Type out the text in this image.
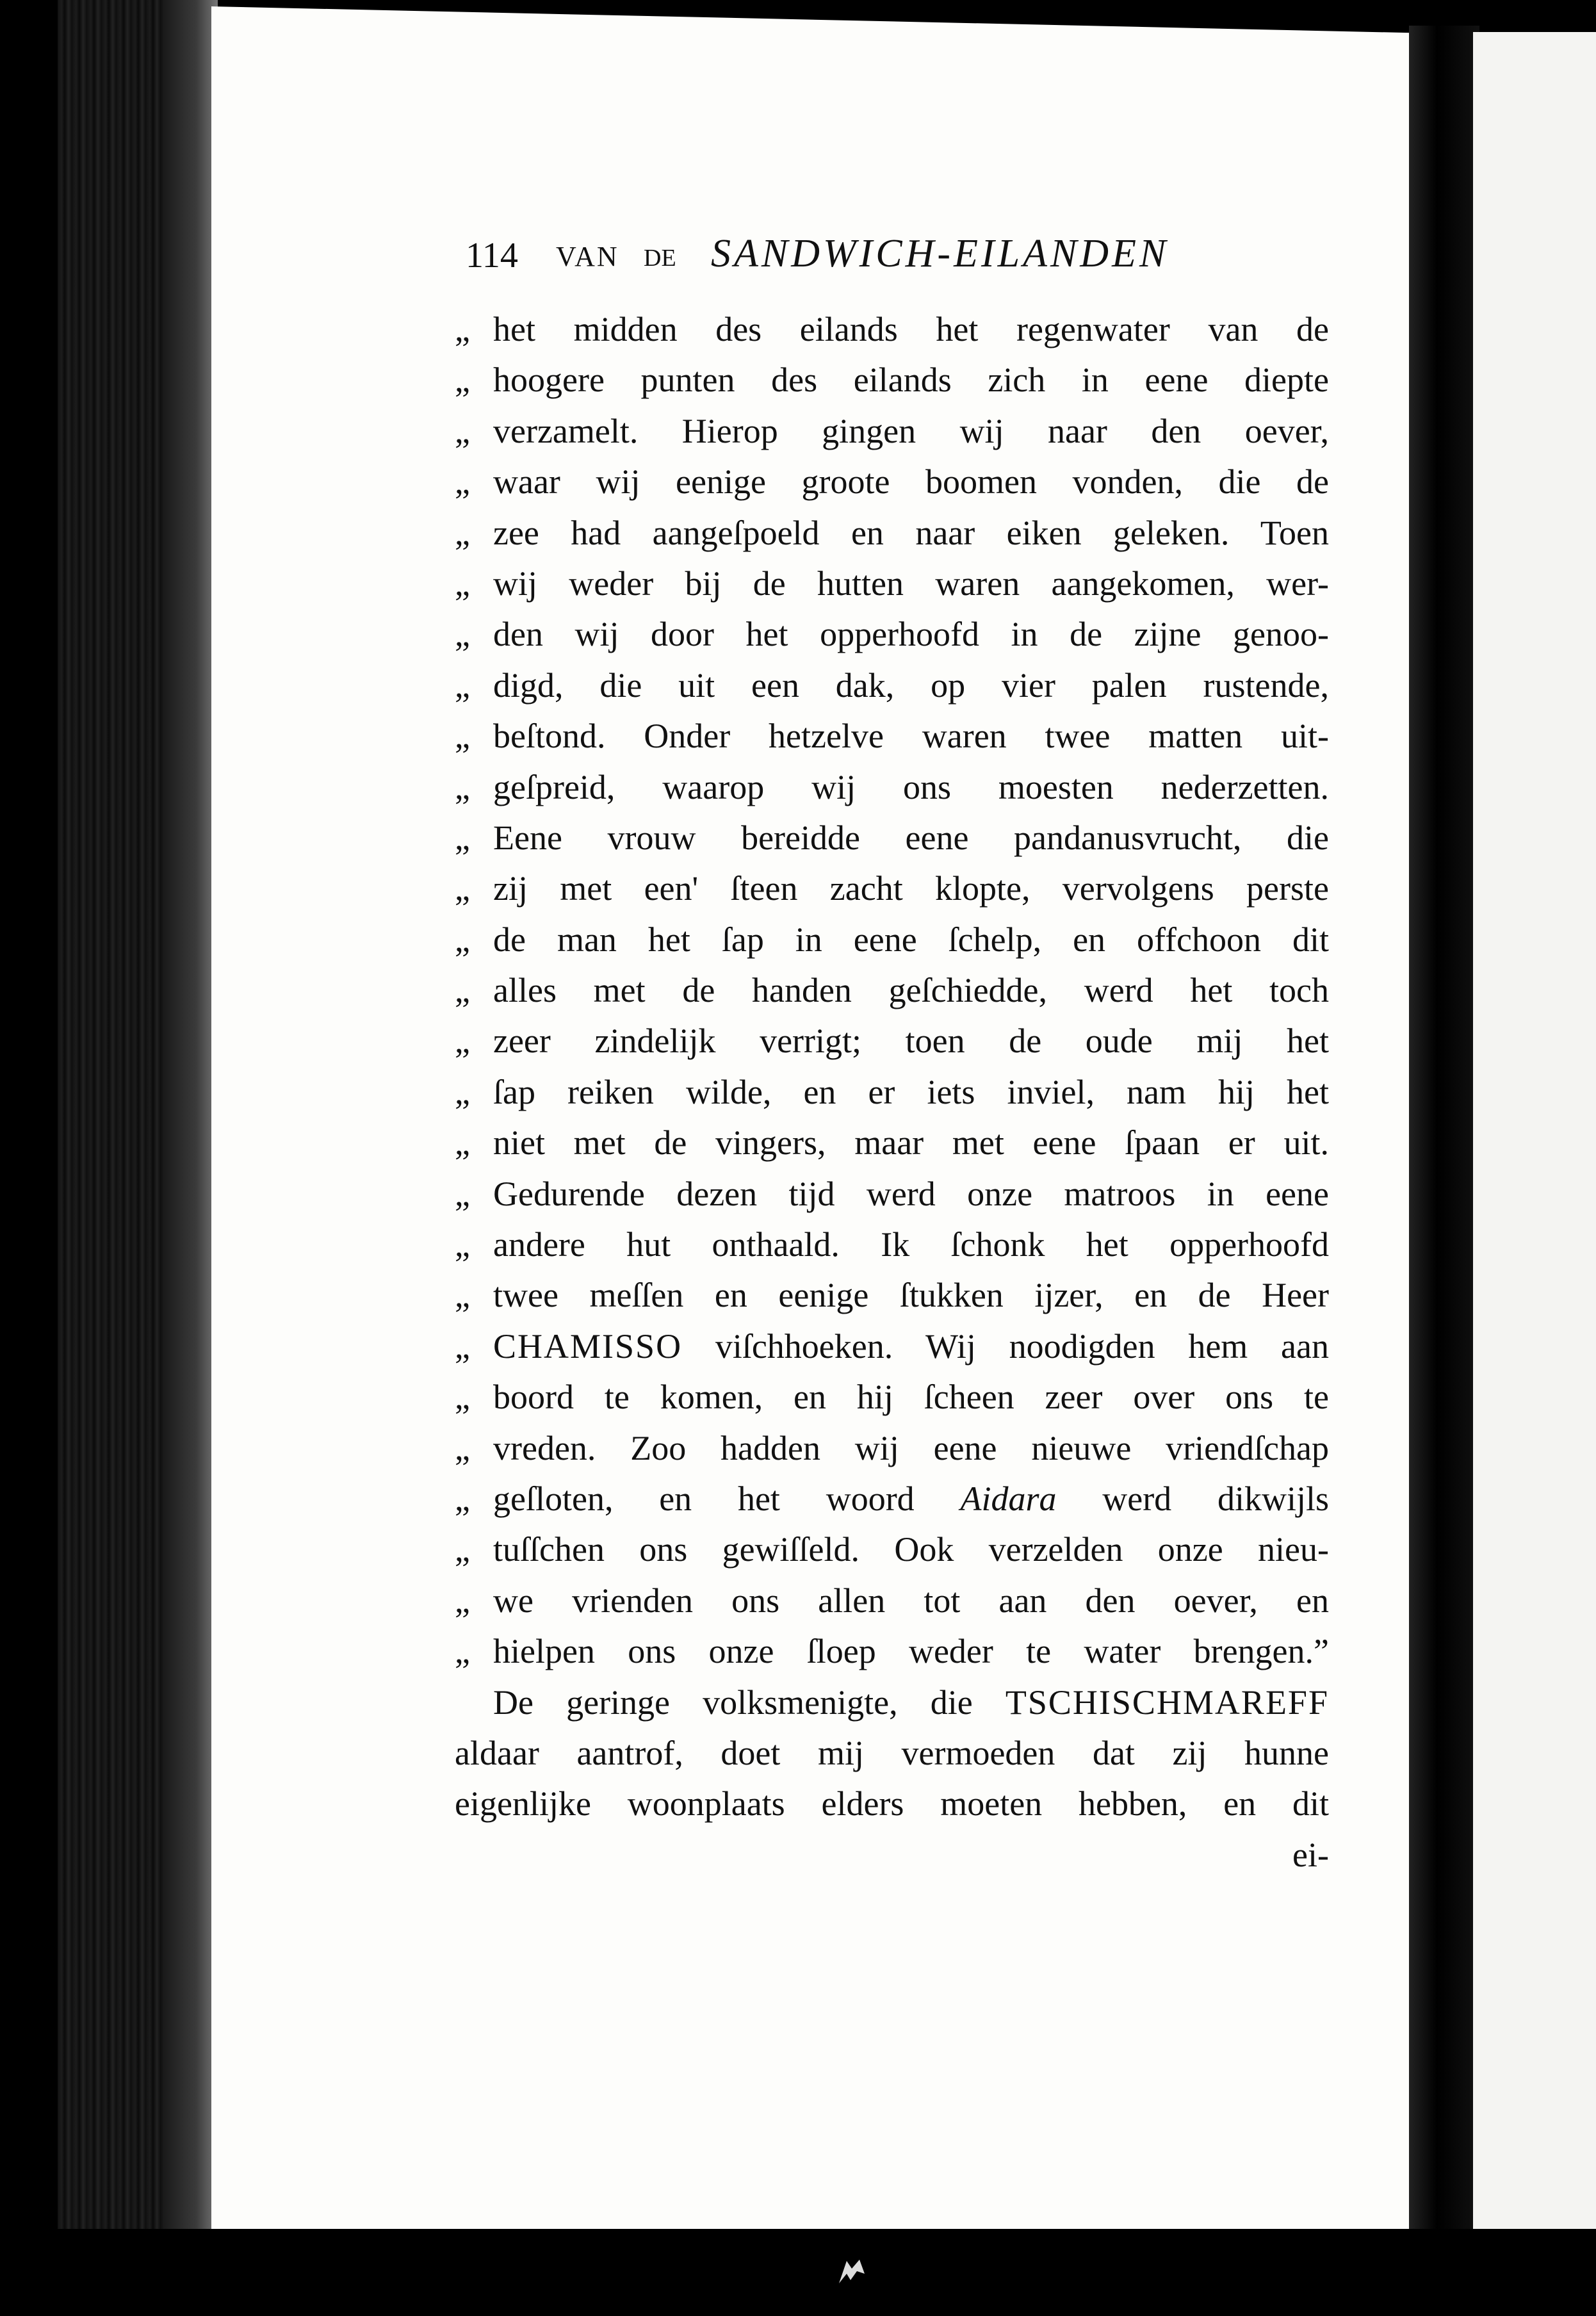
114 VAN DE SANDWICH-EILANDEN
„ het midden des eilands het regenwater van de
„ hoogere punten des eilands zich in eene diepte
„ verzamelt. Hierop gingen wij naar den oever,
„ waar wij eenige groote boomen vonden, die de
„ zee had aangeſpoeld en naar eiken geleken. Toen
„ wij weder bij de hutten waren aangekomen, wer-
„ den wij door het opperhoofd in de zijne genoo-
„ digd, die uit een dak, op vier palen rustende,
„ beſtond. Onder hetzelve waren twee matten uit-
„ geſpreid, waarop wij ons moesten nederzetten.
„ Eene vrouw bereidde eene pandanusvrucht, die
„ zij met een' ſteen zacht klopte, vervolgens perste
„ de man het ſap in eene ſchelp, en offchoon dit
„ alles met de handen geſchiedde, werd het toch
„ zeer zindelijk verrigt; toen de oude mij het
„ ſap reiken wilde, en er iets inviel, nam hij het
„ niet met de vingers, maar met eene ſpaan er uit.
„ Gedurende dezen tijd werd onze matroos in eene
„ andere hut onthaald. Ik ſchonk het opperhoofd
„ twee meſſen en eenige ſtukken ijzer, en de Heer
„ CHAMISSO viſchhoeken. Wij noodigden hem aan
„ boord te komen, en hij ſcheen zeer over ons te
„ vreden. Zoo hadden wij eene nieuwe vriendſchap
„ geſloten, en het woord Aidara werd dikwijls
„ tuſſchen ons gewiſſeld. Ook verzelden onze nieu-
„ we vrienden ons allen tot aan den oever, en
„ hielpen ons onze ſloep weder te water brengen.”
De geringe volksmenigte, die TSCHISCHMAREFF
aldaar aantrof, doet mij vermoeden dat zij hunne
eigenlijke woonplaats elders moeten hebben, en dit
ei-
